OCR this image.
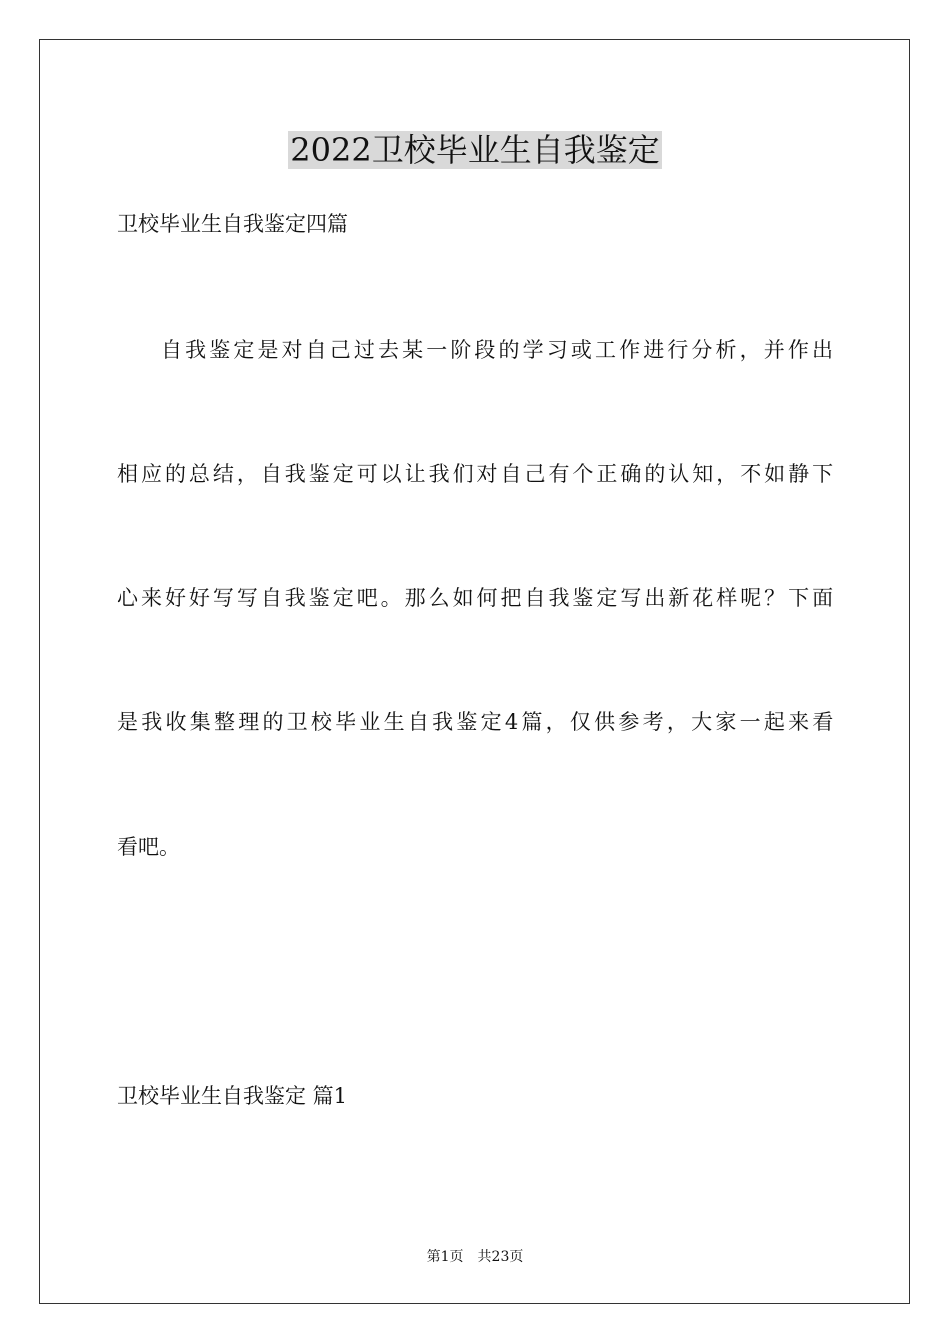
2022卫校毕业生自我鉴定

卫校毕业生自我鉴定四篇

自我鉴定是对自己过去某一阶段的学习或工作进行分析，并作出

相应的总结，自我鉴定可以让我们对自己有个正确的认知，不如静下

心来好好写写自我鉴定吧。那么如何把自我鉴定写出新花样呢？下面

是我收集整理的卫校毕业生自我鉴定4篇，仅供参考，大家一起来看

看吧。

卫校毕业生自我鉴定 篇1

第1页　共23页
